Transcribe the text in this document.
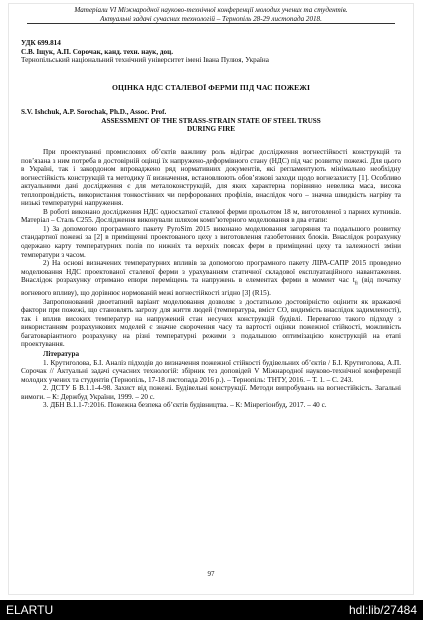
Матеріали VI Міжнародної науково-технічної конференції молодих учених та студентів.
Актуальні задачі сучасних технологій – Тернопіль 28-29 листопада 2018.
УДК 699.814
С.В. Іщук, А.П. Сорочак, канд. техн. наук, доц.
Тернопільський національний технічний університет імені Івана Пулюя, Україна
ОЦІНКА НДС СТАЛЕВОЇ ФЕРМИ ПІД ЧАС ПОЖЕЖІ
S.V. Ishchuk, A.P. Sorochak, Ph.D., Assoc. Prof.
ASSESSMENT OF THE STRASS-STRAIN STATE OF STEEL TRUSS
DURING FIRE
При проектуванні промислових об’єктів важливу роль відіграє дослідження вогнестійкості конструкцій та пов’язана з ним потреба в достовірній оцінці їх напружено-деформівного стану (НДС) під час розвитку пожежі. Для цього в Україні, так і закордоном впроваджено ряд нормативних документів, які регламентують мінімально необхідну вогнестійкість конструкцій та методику її визначення, встановлюють обов’язкові заходи щодо вогнезахисту [1]. Особливо актуальними дані дослідження є для металоконструкцій, для яких характерна порівняно невелика маса, висока теплопровідність, використання тонкостінних чи перфорованих профілів, внаслідок чого – значна швидкість нагріву та низькі температурні напруження.
В роботі виконано дослідження НДС односхатної сталевої ферми прольотом 18 м, виготовленої з парних кутників. Матеріал – Сталь С255. Дослідження виконували шляхом комп’ютерного моделювання в два етапи:
1) За допомогою програмного пакету PyroSim 2015 виконано моделювання загоряння та подальшого розвитку стандартної пожежі за [2] в приміщенні проектованого цеху з виготовлення газобетонних блоків. Внаслідок розрахунку одержано карту температурних полів по нижніх та верхніх поясах ферм в приміщенні цеху та залежності зміни температури з часом.
2) На основі визначених температурних впливів за допомогою програмного пакету ЛІРА-САПР 2015 проведено моделювання НДС проектованої сталевої ферми з урахуванням статичної складової експлуатаційного навантаження. Внаслідок розрахунку отримано епюри переміщень та напружень в елементах ферми в момент час $t_{fi}$ (від початку вогневого впливу), що дорівнює нормованій межі вогнестійкості згідно [3] (R15).
Запропонований двоетапний варіант моделювання дозволяє з достатньою достовірністю оцінити як вражаючі фактори при пожежі, що становлять загрозу для життя людей (температура, вміст СО, видимість внаслідок задимленості), так і вплив високих температур на напружений стан несучих конструкцій будівлі. Перевагою такого підходу з використанням розрахункових моделей є значне скорочення часу та вартості оцінки пожежної стійкості, можливість багатоваріантного розрахунку на різні температурні режими з подальшою оптимізацією конструкцій на етапі проектування.
Література
1. Крутиголова, Б.І. Аналіз підходів до визначення пожежної стійкості будівельних об’єктів / Б.І. Крутиголова, А.П. Сорочак // Актуальні задачі сучасних технологій: збірник тез доповідей V Міжнародної науково-технічної конференції молодих учених та студентів (Тернопіль, 17-18 листопада 2016 р.). – Тернопіль: ТНТУ, 2016. – Т. 1. – С. 243.
2. ДСТУ Б В.1.1-4-98. Захист від пожежі. Будівельні конструкції. Методи випробувань на вогнестійкість. Загальні вимоги. – К: Держбуд України, 1999. – 20 с.
3. ДБН В.1.1-7:2016. Пожежна безпека об’єктів будівництва. – К: Мінрегіонбуд, 2017. – 40 с.
97
ELARTU	hdl:lib/27484
